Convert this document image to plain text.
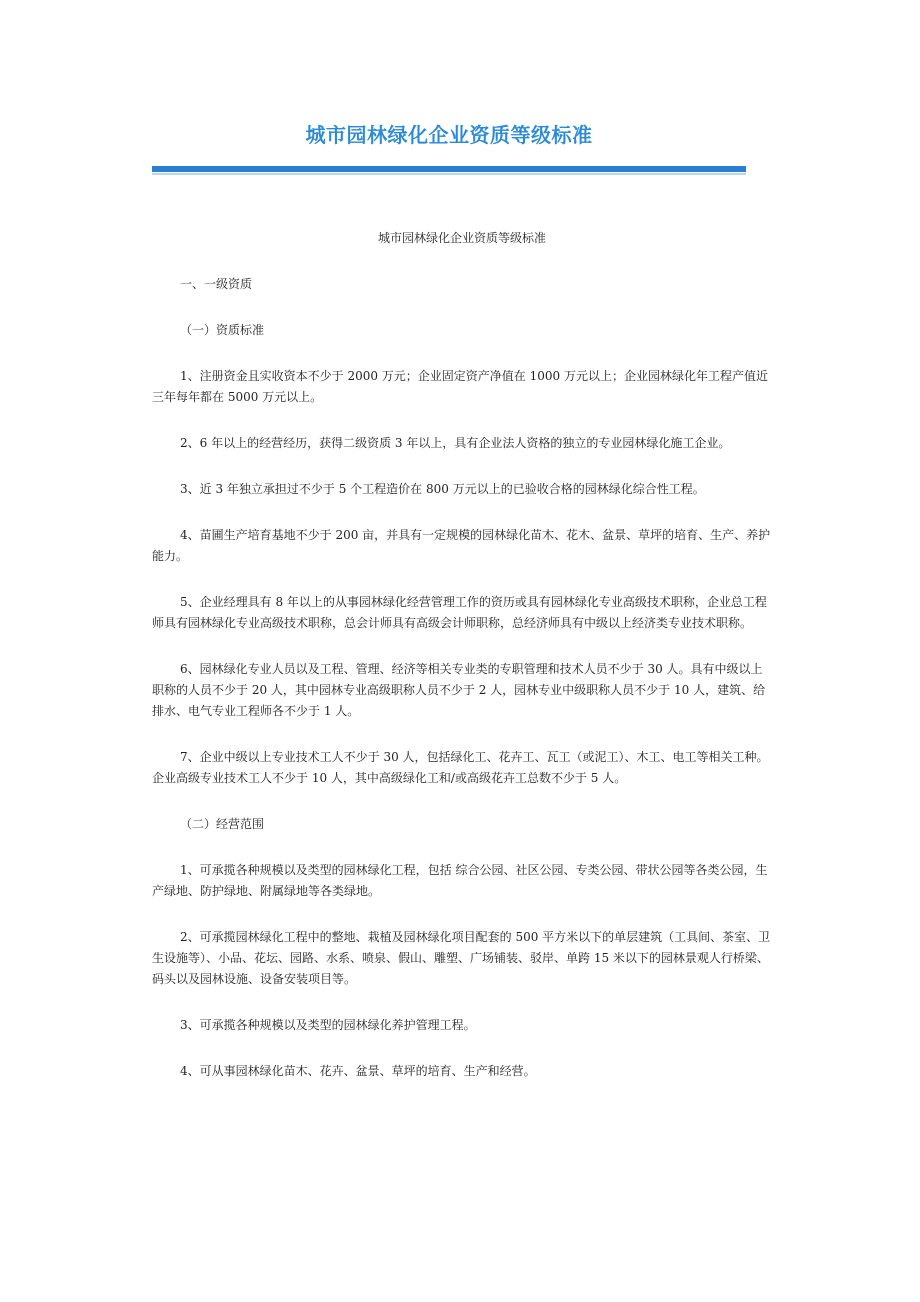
城市园林绿化企业资质等级标准

城市园林绿化企业资质等级标准

一、一级资质

（一）资质标准

1、注册资金且实收资本不少于 2000 万元；企业固定资产净值在 1000 万元以上；企业园林绿化年工程产值近三年每年都在 5000 万元以上。

2、6 年以上的经营经历，获得二级资质 3 年以上，具有企业法人资格的独立的专业园林绿化施工企业。

3、近 3 年独立承担过不少于 5 个工程造价在 800 万元以上的已验收合格的园林绿化综合性工程。

4、苗圃生产培育基地不少于 200 亩，并具有一定规模的园林绿化苗木、花木、盆景、草坪的培育、生产、养护能力。

5、企业经理具有 8 年以上的从事园林绿化经营管理工作的资历或具有园林绿化专业高级技术职称，企业总工程师具有园林绿化专业高级技术职称，总会计师具有高级会计师职称，总经济师具有中级以上经济类专业技术职称。

6、园林绿化专业人员以及工程、管理、经济等相关专业类的专职管理和技术人员不少于 30 人。具有中级以上职称的人员不少于 20 人，其中园林专业高级职称人员不少于 2 人，园林专业中级职称人员不少于 10 人，建筑、给排水、电气专业工程师各不少于 1 人。

7、企业中级以上专业技术工人不少于 30 人，包括绿化工、花卉工、瓦工（或泥工）、木工、电工等相关工种。企业高级专业技术工人不少于 10 人，其中高级绿化工和/或高级花卉工总数不少于 5 人。

（二）经营范围

1、可承揽各种规模以及类型的园林绿化工程，包括 综合公园、社区公园、专类公园、带状公园等各类公园，生产绿地、防护绿地、附属绿地等各类绿地。

2、可承揽园林绿化工程中的整地、栽植及园林绿化项目配套的 500 平方米以下的单层建筑（工具间、茶室、卫生设施等）、小品、花坛、园路、水系、喷泉、假山、雕塑、广场铺装、驳岸、单跨 15 米以下的园林景观人行桥梁、码头以及园林设施、设备安装项目等。

3、可承揽各种规模以及类型的园林绿化养护管理工程。

4、可从事园林绿化苗木、花卉、盆景、草坪的培育、生产和经营。
